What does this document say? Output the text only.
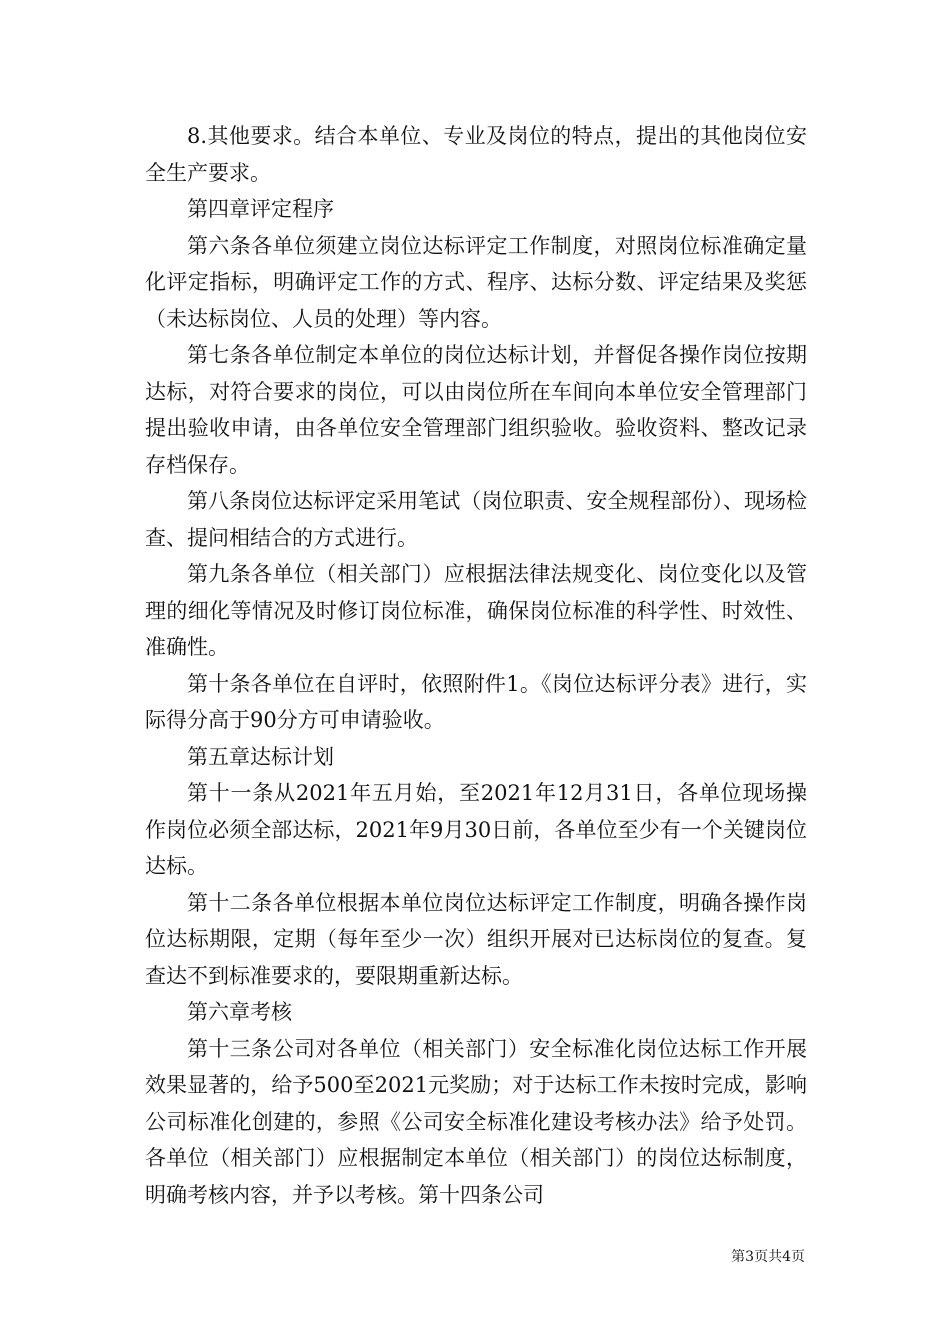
8.其他要求。结合本单位、专业及岗位的特点，提出的其他岗位安全生产要求。

第四章评定程序

第六条各单位须建立岗位达标评定工作制度，对照岗位标准确定量化评定指标，明确评定工作的方式、程序、达标分数、评定结果及奖惩（未达标岗位、人员的处理）等内容。

第七条各单位制定本单位的岗位达标计划，并督促各操作岗位按期达标，对符合要求的岗位，可以由岗位所在车间向本单位安全管理部门提出验收申请，由各单位安全管理部门组织验收。验收资料、整改记录存档保存。

第八条岗位达标评定采用笔试（岗位职责、安全规程部份）、现场检查、提问相结合的方式进行。

第九条各单位（相关部门）应根据法律法规变化、岗位变化以及管理的细化等情况及时修订岗位标准，确保岗位标准的科学性、时效性、准确性。

第十条各单位在自评时，依照附件1。《岗位达标评分表》进行，实际得分高于90分方可申请验收。

第五章达标计划

第十一条从2021年五月始，至2021年12月31日，各单位现场操作岗位必须全部达标，2021年9月30日前，各单位至少有一个关键岗位达标。

第十二条各单位根据本单位岗位达标评定工作制度，明确各操作岗位达标期限，定期（每年至少一次）组织开展对已达标岗位的复查。复查达不到标准要求的，要限期重新达标。

第六章考核

第十三条公司对各单位（相关部门）安全标准化岗位达标工作开展效果显著的，给予500至2021元奖励；对于达标工作未按时完成，影响公司标准化创建的，参照《公司安全标准化建设考核办法》给予处罚。各单位（相关部门）应根据制定本单位（相关部门）的岗位达标制度，明确考核内容，并予以考核。第十四条公司

第3页共4页
